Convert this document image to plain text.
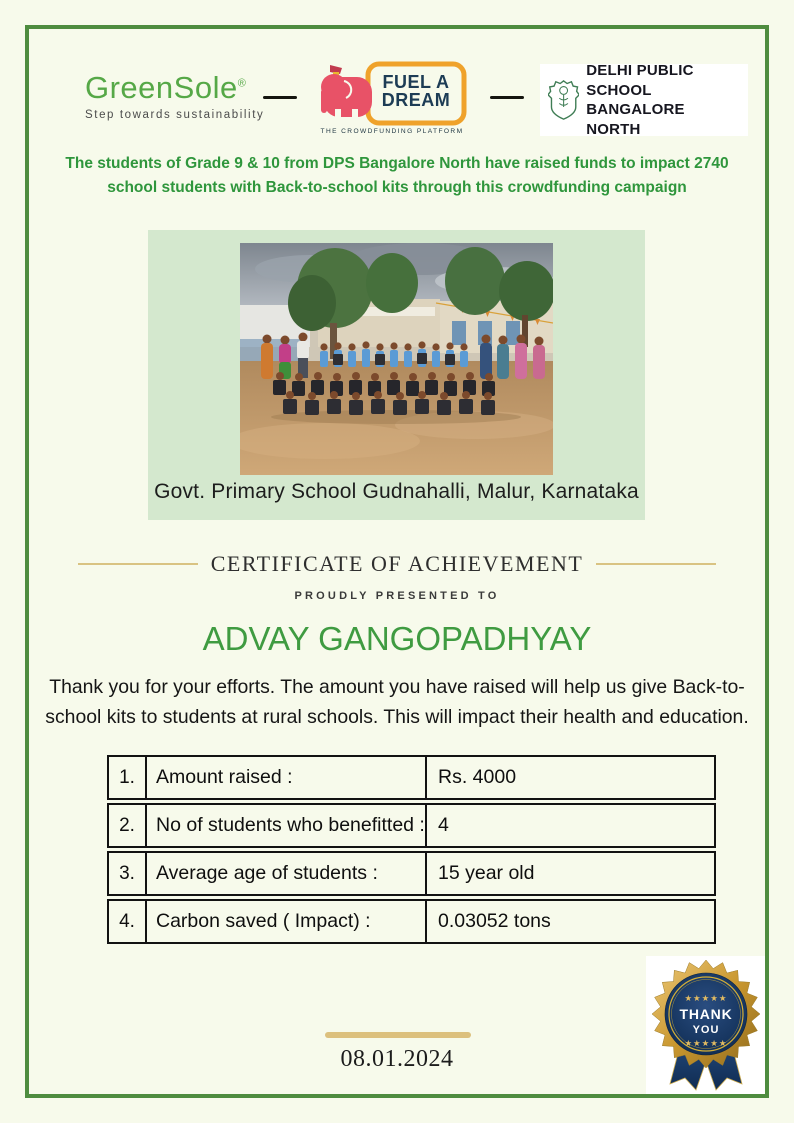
GreenSole®
Step towards sustainability
FUEL A
DREAM
THE CROWDFUNDING PLATFORM
DELHI PUBLIC SCHOOL
BANGALORE NORTH
The students of Grade 9 & 10 from DPS Bangalore North have raised funds to impact 2740 school students with Back-to-school kits through this crowdfunding campaign
Govt. Primary School Gudnahalli, Malur, Karnataka
CERTIFICATE OF ACHIEVEMENT
PROUDLY PRESENTED TO
ADVAY GANGOPADHYAY
Thank you for your efforts. The amount you have raised will help us give Back-to-school kits to students at rural schools. This will impact their health and education.
1.	Amount raised :	Rs. 4000
2.	No of students who benefitted : 4
3.	Average age of students :	15 year old
4.	Carbon saved ( Impact) :	0.03052 tons
08.01.2024
★★★★★
THANK
YOU
★★★★★
